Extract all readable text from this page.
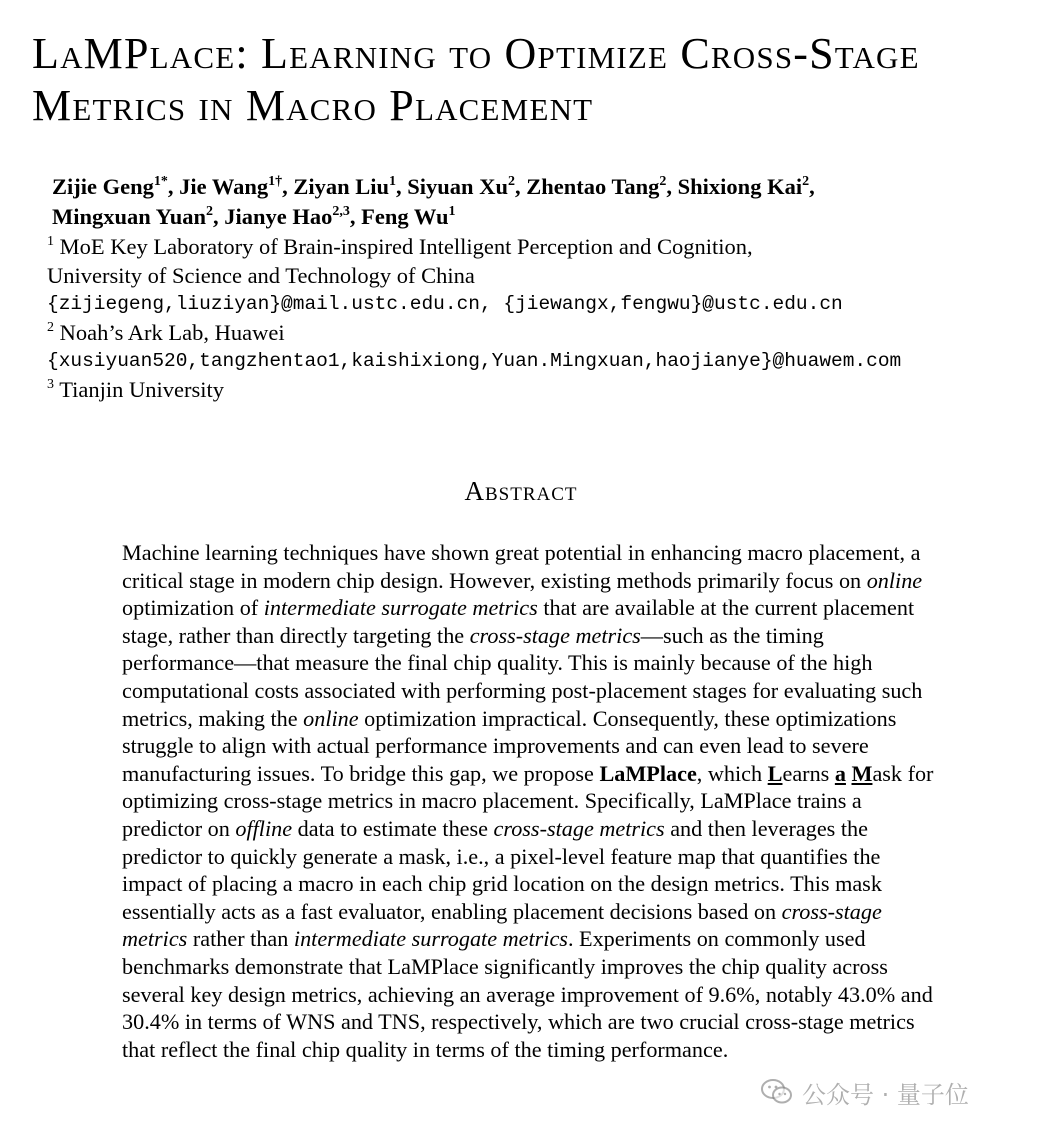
LaMPlace: Learning to Optimize Cross-Stage
Metrics in Macro Placement
Zijie Geng$^{1*}$, Jie Wang$^{1\dagger}$, Ziyan Liu$^1$, Siyuan Xu$^2$, Zhentao Tang$^2$, Shixiong Kai$^2$,
Mingxuan Yuan$^2$, Jianye Hao$^{2,3}$, Feng Wu$^1$
$^1$ MoE Key Laboratory of Brain-inspired Intelligent Perception and Cognition,
University of Science and Technology of China
{zijiegeng,liuziyan}@mail.ustc.edu.cn, {jiewangx,fengwu}@ustc.edu.cn
$^2$ Noah’s Ark Lab, Huawei
{xusiyuan520,tangzhentao1,kaishixiong,Yuan.Mingxuan,haojianye}@huawem.com
$^3$ Tianjin University
Abstract

Machine learning techniques have shown great potential in enhancing macro placement, a critical stage in modern chip design. However, existing methods primarily focus on online optimization of intermediate surrogate metrics that are available at the current placement stage, rather than directly targeting the cross-stage metrics—such as the timing performance—that measure the final chip quality. This is mainly because of the high computational costs associated with performing post-placement stages for evaluating such metrics, making the online optimization impractical. Consequently, these optimizations struggle to align with actual performance improvements and can even lead to severe manufacturing issues. To bridge this gap, we propose LaMPlace, which Learns a Mask for optimizing cross-stage metrics in macro placement. Specifically, LaMPlace trains a predictor on offline data to estimate these cross-stage metrics and then leverages the predictor to quickly generate a mask, i.e., a pixel-level feature map that quantifies the impact of placing a macro in each chip grid location on the design metrics. This mask essentially acts as a fast evaluator, enabling placement decisions based on cross-stage metrics rather than intermediate surrogate metrics. Experiments on commonly used benchmarks demonstrate that LaMPlace significantly improves the chip quality across several key design metrics, achieving an average improvement of 9.6%, notably 43.0% and 30.4% in terms of WNS and TNS, respectively, which are two crucial cross-stage metrics that reflect the final chip quality in terms of the timing performance.

公众号 · 量子位
